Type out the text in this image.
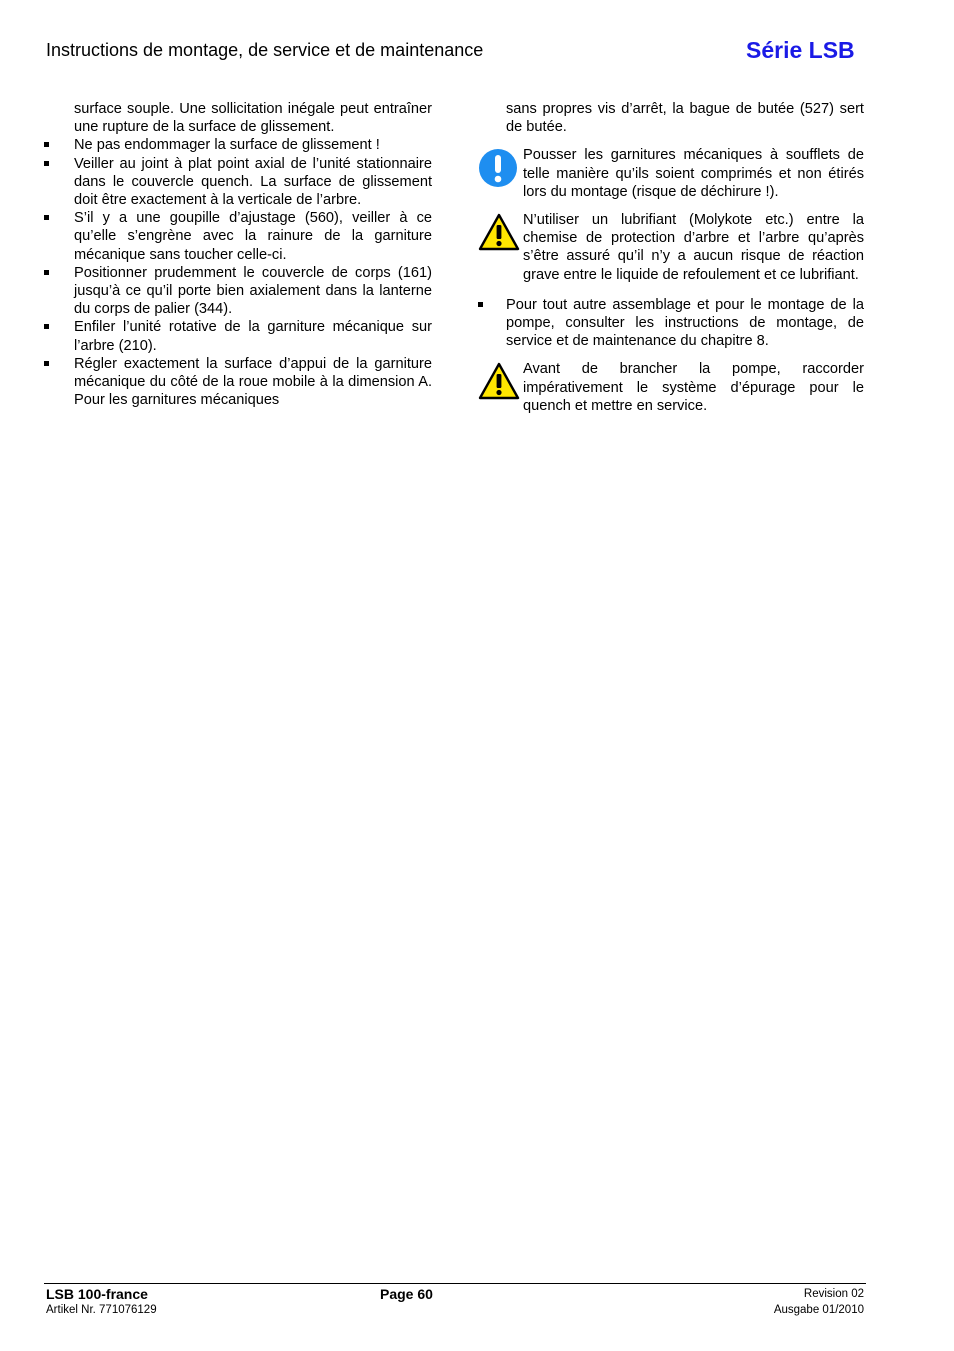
Instructions de montage, de service et de maintenance	Série LSB

surface souple. Une sollicitation inégale peut entraîner une rupture de la surface de glissement.

Ne pas endommager la surface de glissement !

Veiller au joint à plat point axial de l’unité stationnaire dans le couvercle quench. La surface de glissement doit être exactement à la verticale de l’arbre.

S’il y a une goupille d’ajustage (560), veiller à ce qu’elle s’engrène avec la rainure de la garniture mécanique sans toucher celle-ci.

Positionner prudemment le couvercle de corps (161) jusqu’à ce qu’il porte bien axialement dans la lanterne du corps de palier (344).

Enfiler l’unité rotative de la garniture mécanique sur l’arbre (210).

Régler exactement la surface d’appui de la garniture mécanique du côté de la roue mobile à la dimension A. Pour les garnitures mécaniques

sans propres vis d’arrêt, la bague de butée (527) sert de butée.

Pousser les garnitures mécaniques à soufflets de telle manière qu’ils soient comprimés et non étirés lors du montage (risque de déchirure !).

N’utiliser un lubrifiant (Molykote etc.) entre la chemise de protection d’arbre et l’arbre qu’après s’être assuré qu’il n’y a aucun risque de réaction grave entre le liquide de refoulement et ce lubrifiant.

Pour tout autre assemblage et pour le montage de la pompe, consulter les instructions de montage, de service et de maintenance du chapitre 8.

Avant de brancher la pompe, raccorder impérativement le système d’épurage pour le quench et mettre en service.

LSB 100-france	Page 60	Revision 02
Artikel Nr. 771076129	Ausgabe 01/2010
